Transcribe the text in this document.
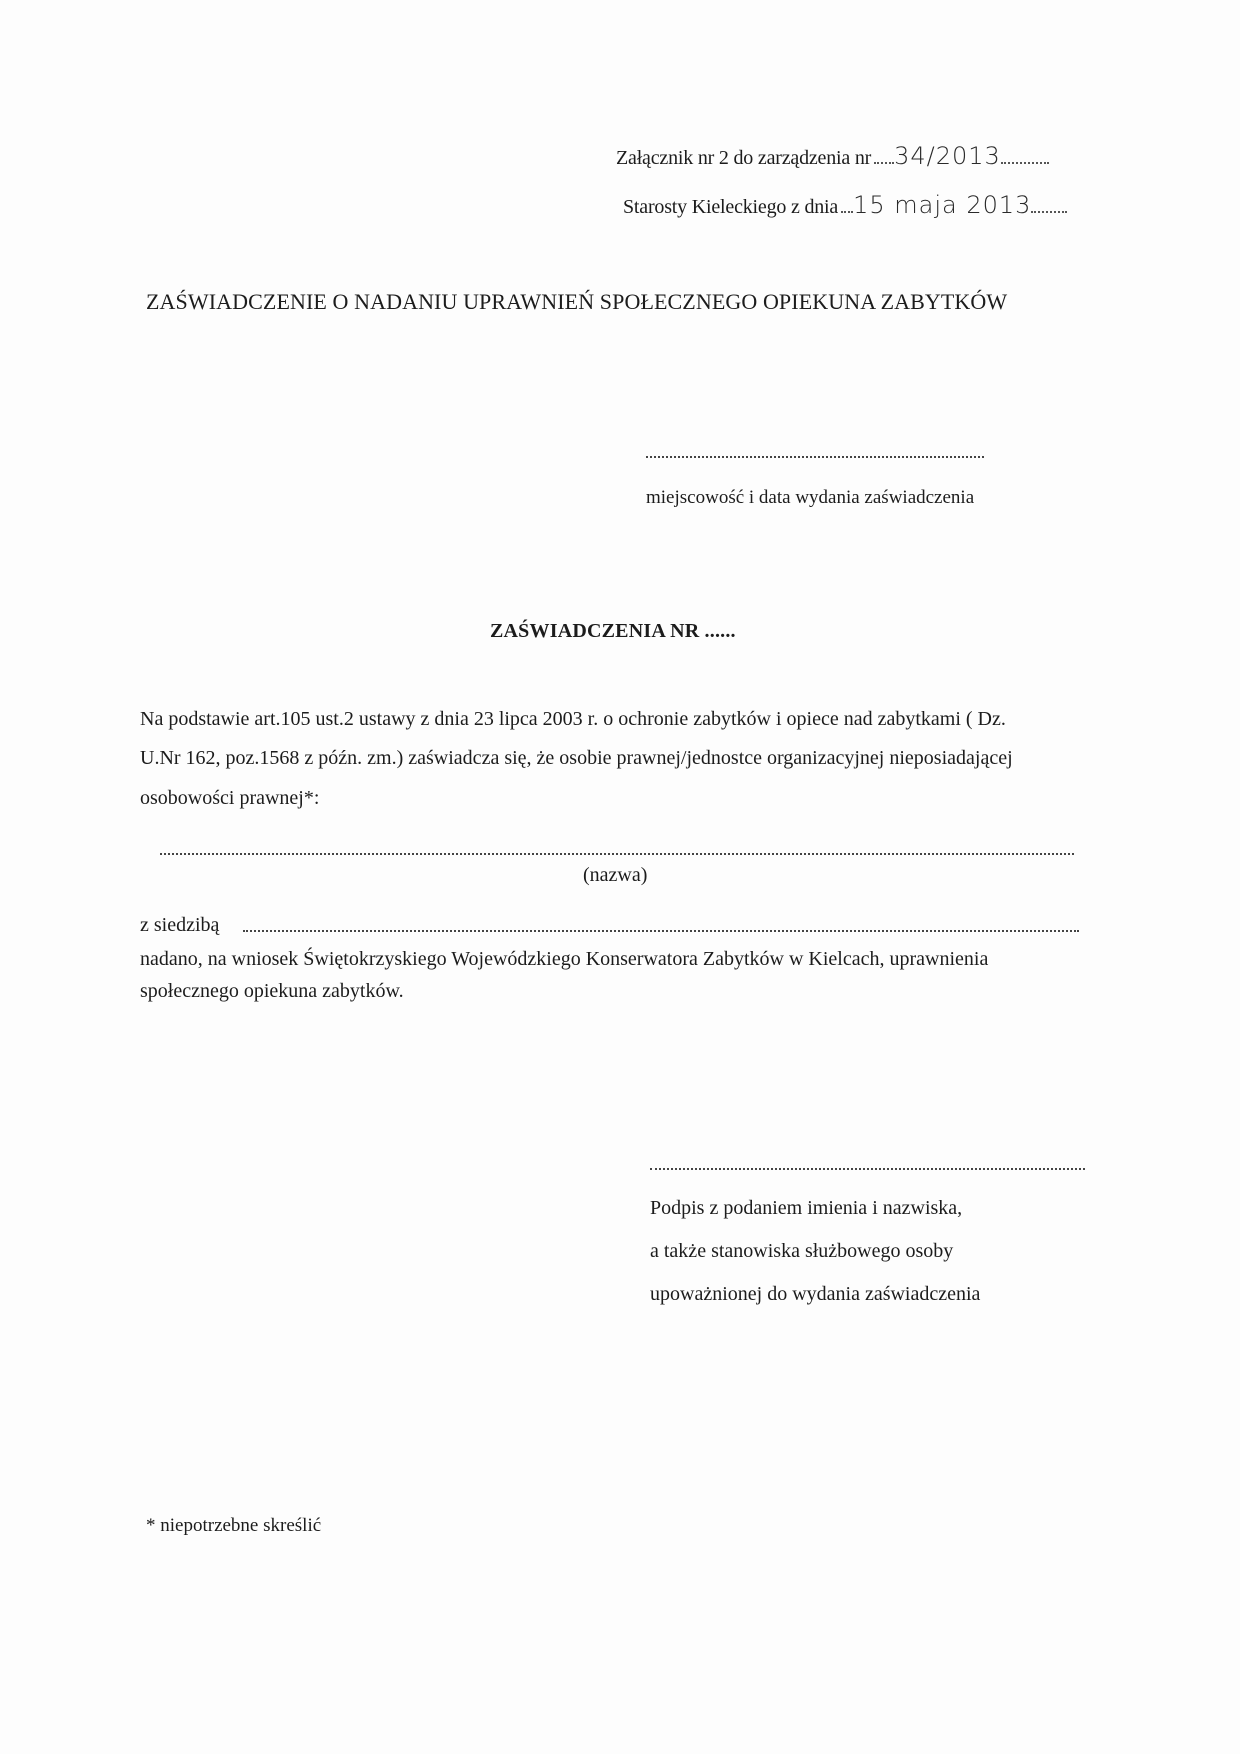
Załącznik nr 2 do zarządzenia nr 34/2013
Starosty Kieleckiego z dnia 15 maja 2013
ZAŚWIADCZENIE O NADANIU UPRAWNIEŃ SPOŁECZNEGO OPIEKUNA ZABYTKÓW
miejscowość i data wydania zaświadczenia
ZAŚWIADCZENIA NR ......
Na podstawie art.105 ust.2 ustawy z dnia 23 lipca 2003 r. o ochronie zabytków i opiece nad zabytkami ( Dz.
U.Nr 162, poz.1568 z późn. zm.) zaświadcza się, że osobie prawnej/jednostce organizacyjnej nieposiadającej
osobowości prawnej*:
(nazwa)
z siedzibą
nadano, na wniosek Świętokrzyskiego Wojewódzkiego Konserwatora Zabytków w Kielcach, uprawnienia
społecznego opiekuna zabytków.
Podpis z podaniem imienia i nazwiska,
a także stanowiska służbowego osoby
upoważnionej do wydania zaświadczenia
* niepotrzebne skreślić
